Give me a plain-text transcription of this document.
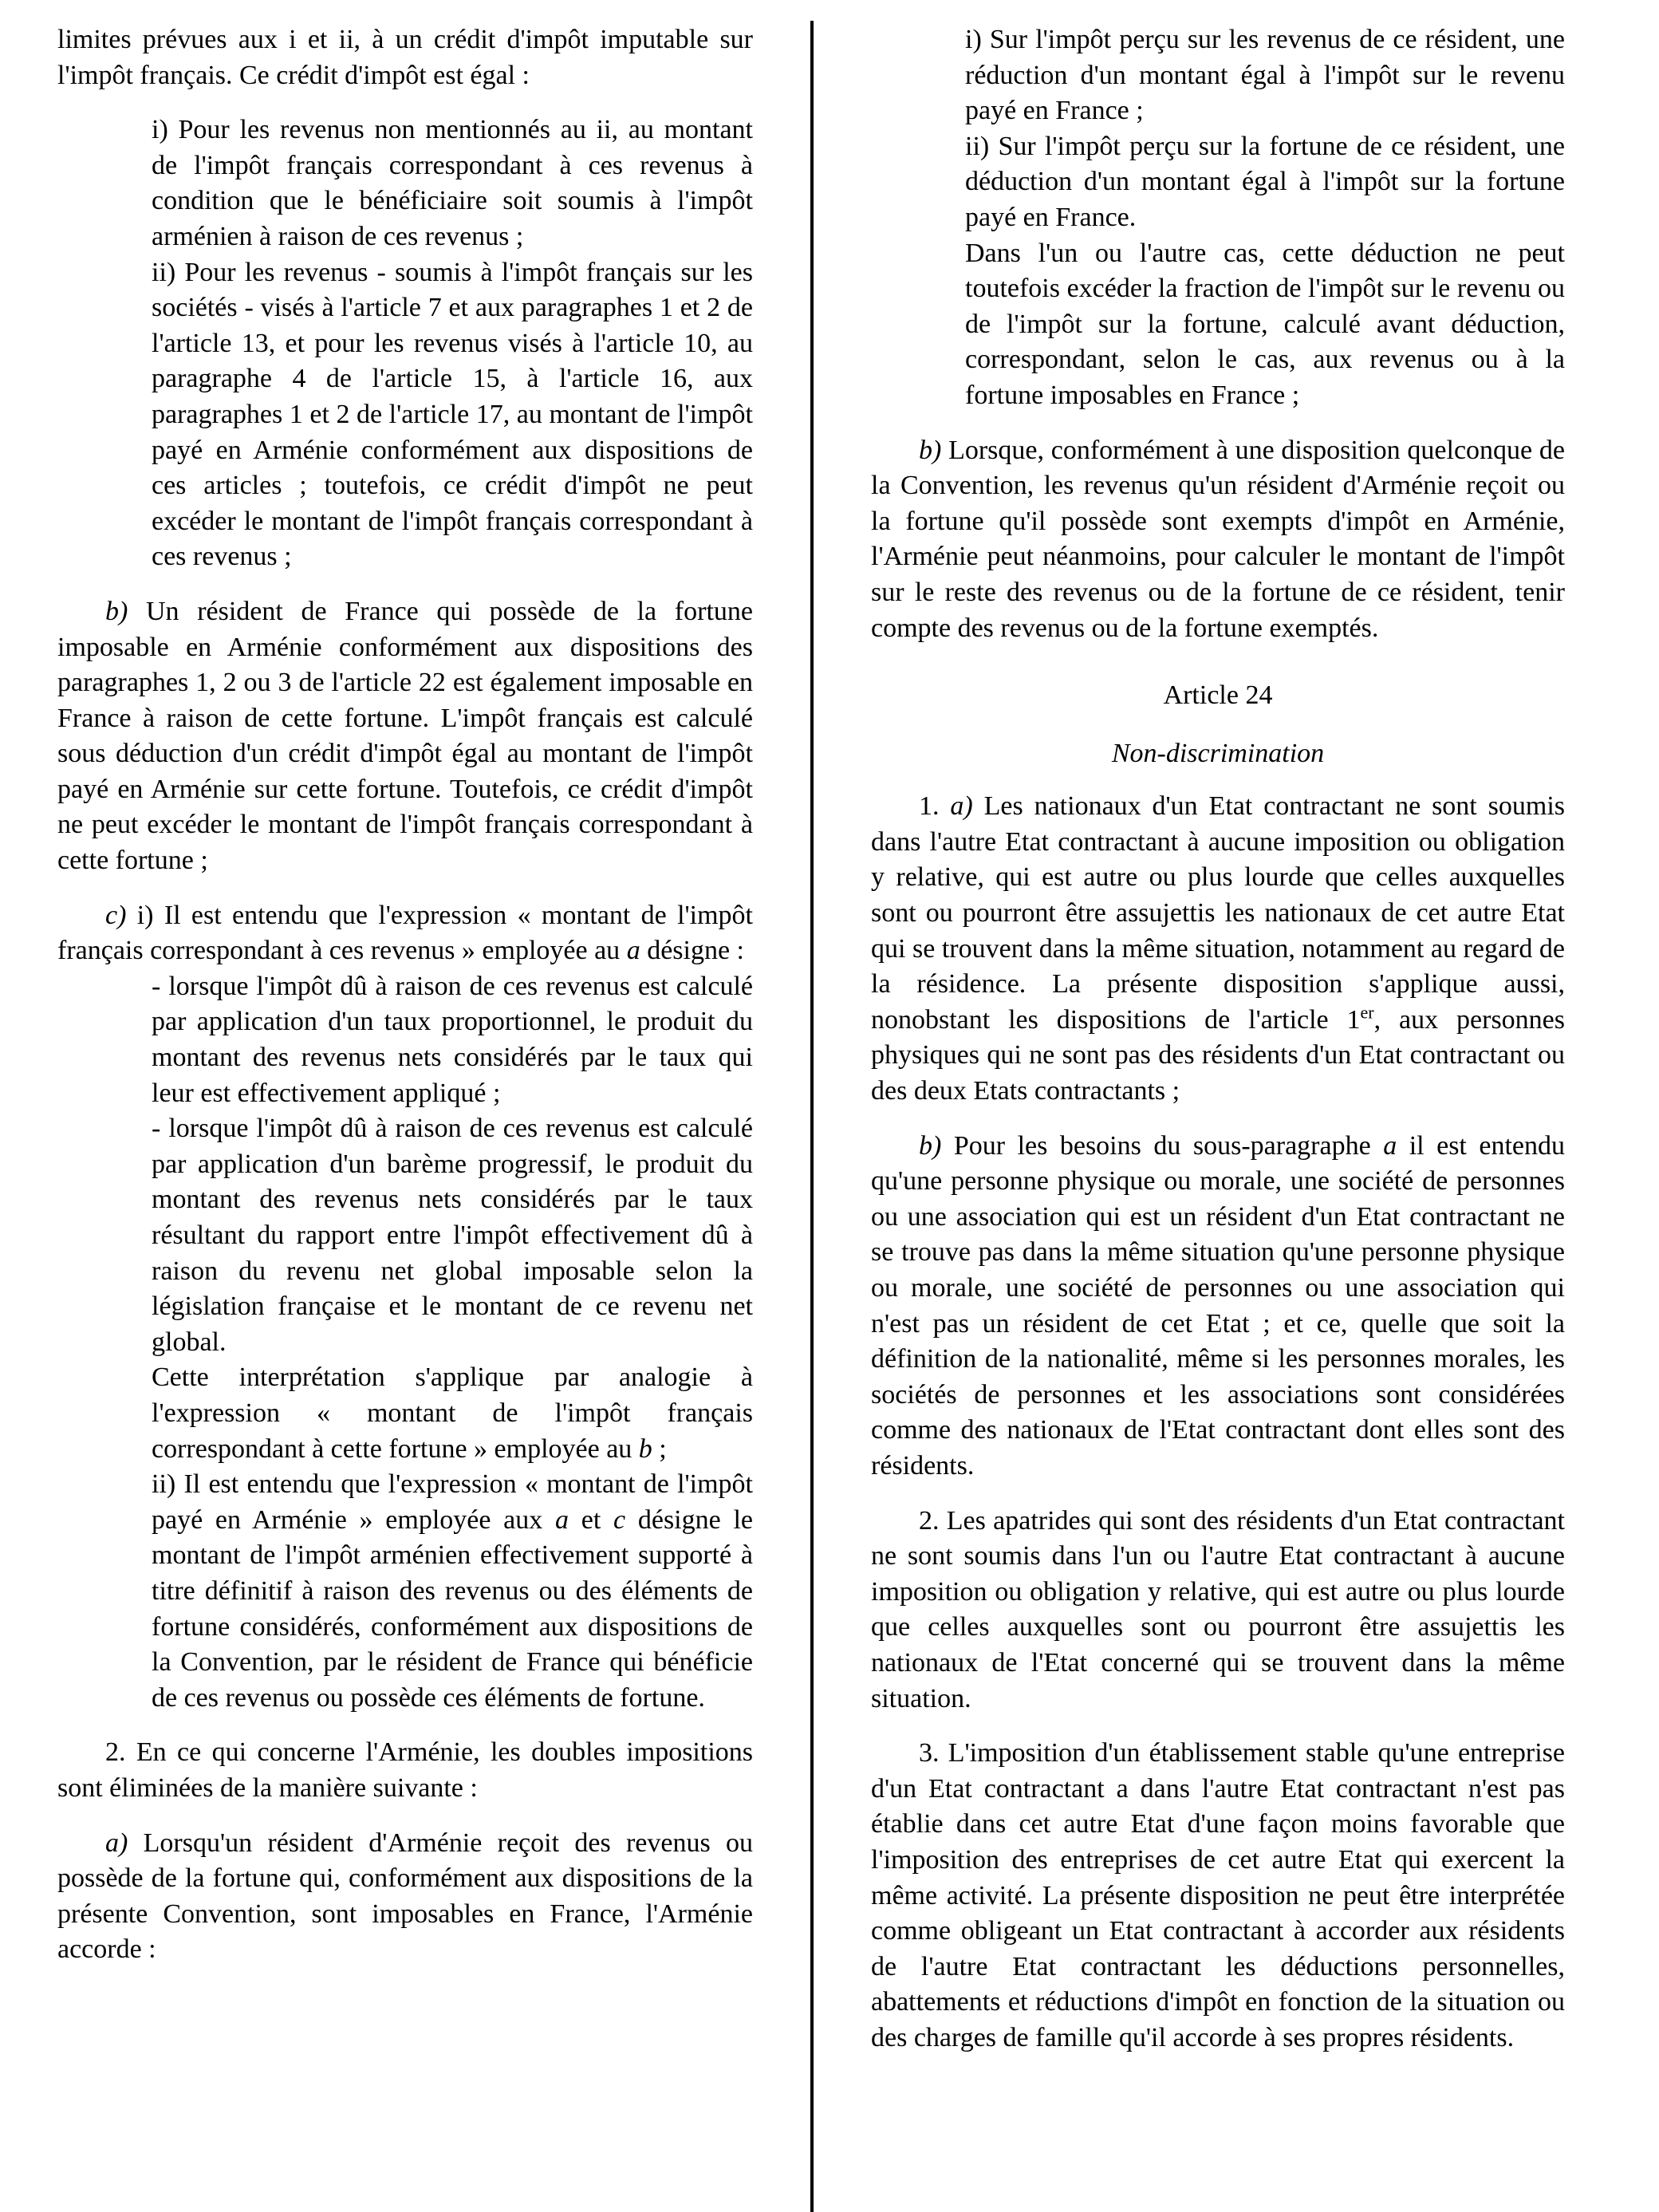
limites prévues aux i et ii, à un crédit d'impôt imputable sur l'impôt français. Ce crédit d'impôt est égal :

i) Pour les revenus non mentionnés au ii, au montant de l'impôt français correspondant à ces revenus à condition que le bénéficiaire soit soumis à l'impôt arménien à raison de ces revenus ;

ii) Pour les revenus - soumis à l'impôt français sur les sociétés - visés à l'article 7 et aux paragraphes 1 et 2 de l'article 13, et pour les revenus visés à l'article 10, au paragraphe 4 de l'article 15, à l'article 16, aux paragraphes 1 et 2 de l'article 17, au montant de l'impôt payé en Arménie conformément aux dispositions de ces articles ; toutefois, ce crédit d'impôt ne peut excéder le montant de l'impôt français correspondant à ces revenus ;

b) Un résident de France qui possède de la fortune imposable en Arménie conformément aux dispositions des paragraphes 1, 2 ou 3 de l'article 22 est également imposable en France à raison de cette fortune. L'impôt français est calculé sous déduction d'un crédit d'impôt égal au montant de l'impôt payé en Arménie sur cette fortune. Toutefois, ce crédit d'impôt ne peut excéder le montant de l'impôt français correspondant à cette fortune ;

c) i) Il est entendu que l'expression « montant de l'impôt français correspondant à ces revenus » employée au a désigne :

- lorsque l'impôt dû à raison de ces revenus est calculé par application d'un taux proportionnel, le produit du montant des revenus nets considérés par le taux qui leur est effectivement appliqué ;

- lorsque l'impôt dû à raison de ces revenus est calculé par application d'un barème progressif, le produit du montant des revenus nets considérés par le taux résultant du rapport entre l'impôt effectivement dû à raison du revenu net global imposable selon la législation française et le montant de ce revenu net global.

Cette interprétation s'applique par analogie à l'expression « montant de l'impôt français correspondant à cette fortune » employée au b ;

ii) Il est entendu que l'expression « montant de l'impôt payé en Arménie » employée aux a et c désigne le montant de l'impôt arménien effectivement supporté à titre définitif à raison des revenus ou des éléments de fortune considérés, conformément aux dispositions de la Convention, par le résident de France qui bénéficie de ces revenus ou possède ces éléments de fortune.

2. En ce qui concerne l'Arménie, les doubles impositions sont éliminées de la manière suivante :

a) Lorsqu'un résident d'Arménie reçoit des revenus ou possède de la fortune qui, conformément aux dispositions de la présente Convention, sont imposables en France, l'Arménie accorde :

i) Sur l'impôt perçu sur les revenus de ce résident, une réduction d'un montant égal à l'impôt sur le revenu payé en France ;

ii) Sur l'impôt perçu sur la fortune de ce résident, une déduction d'un montant égal à l'impôt sur la fortune payé en France.

Dans l'un ou l'autre cas, cette déduction ne peut toutefois excéder la fraction de l'impôt sur le revenu ou de l'impôt sur la fortune, calculé avant déduction, correspondant, selon le cas, aux revenus ou à la fortune imposables en France ;

b) Lorsque, conformément à une disposition quelconque de la Convention, les revenus qu'un résident d'Arménie reçoit ou la fortune qu'il possède sont exempts d'impôt en Arménie, l'Arménie peut néanmoins, pour calculer le montant de l'impôt sur le reste des revenus ou de la fortune de ce résident, tenir compte des revenus ou de la fortune exemptés.

Article 24

Non-discrimination

1. a) Les nationaux d'un Etat contractant ne sont soumis dans l'autre Etat contractant à aucune imposition ou obligation y relative, qui est autre ou plus lourde que celles auxquelles sont ou pourront être assujettis les nationaux de cet autre Etat qui se trouvent dans la même situation, notamment au regard de la résidence. La présente disposition s'applique aussi, nonobstant les dispositions de l'article 1er, aux personnes physiques qui ne sont pas des résidents d'un Etat contractant ou des deux Etats contractants ;

b) Pour les besoins du sous-paragraphe a il est entendu qu'une personne physique ou morale, une société de personnes ou une association qui est un résident d'un Etat contractant ne se trouve pas dans la même situation qu'une personne physique ou morale, une société de personnes ou une association qui n'est pas un résident de cet Etat ; et ce, quelle que soit la définition de la nationalité, même si les personnes morales, les sociétés de personnes et les associations sont considérées comme des nationaux de l'Etat contractant dont elles sont des résidents.

2. Les apatrides qui sont des résidents d'un Etat contractant ne sont soumis dans l'un ou l'autre Etat contractant à aucune imposition ou obligation y relative, qui est autre ou plus lourde que celles auxquelles sont ou pourront être assujettis les nationaux de l'Etat concerné qui se trouvent dans la même situation.

3. L'imposition d'un établissement stable qu'une entreprise d'un Etat contractant a dans l'autre Etat contractant n'est pas établie dans cet autre Etat d'une façon moins favorable que l'imposition des entreprises de cet autre Etat qui exercent la même activité. La présente disposition ne peut être interprétée comme obligeant un Etat contractant à accorder aux résidents de l'autre Etat contractant les déductions personnelles, abattements et réductions d'impôt en fonction de la situation ou des charges de famille qu'il accorde à ses propres résidents.
